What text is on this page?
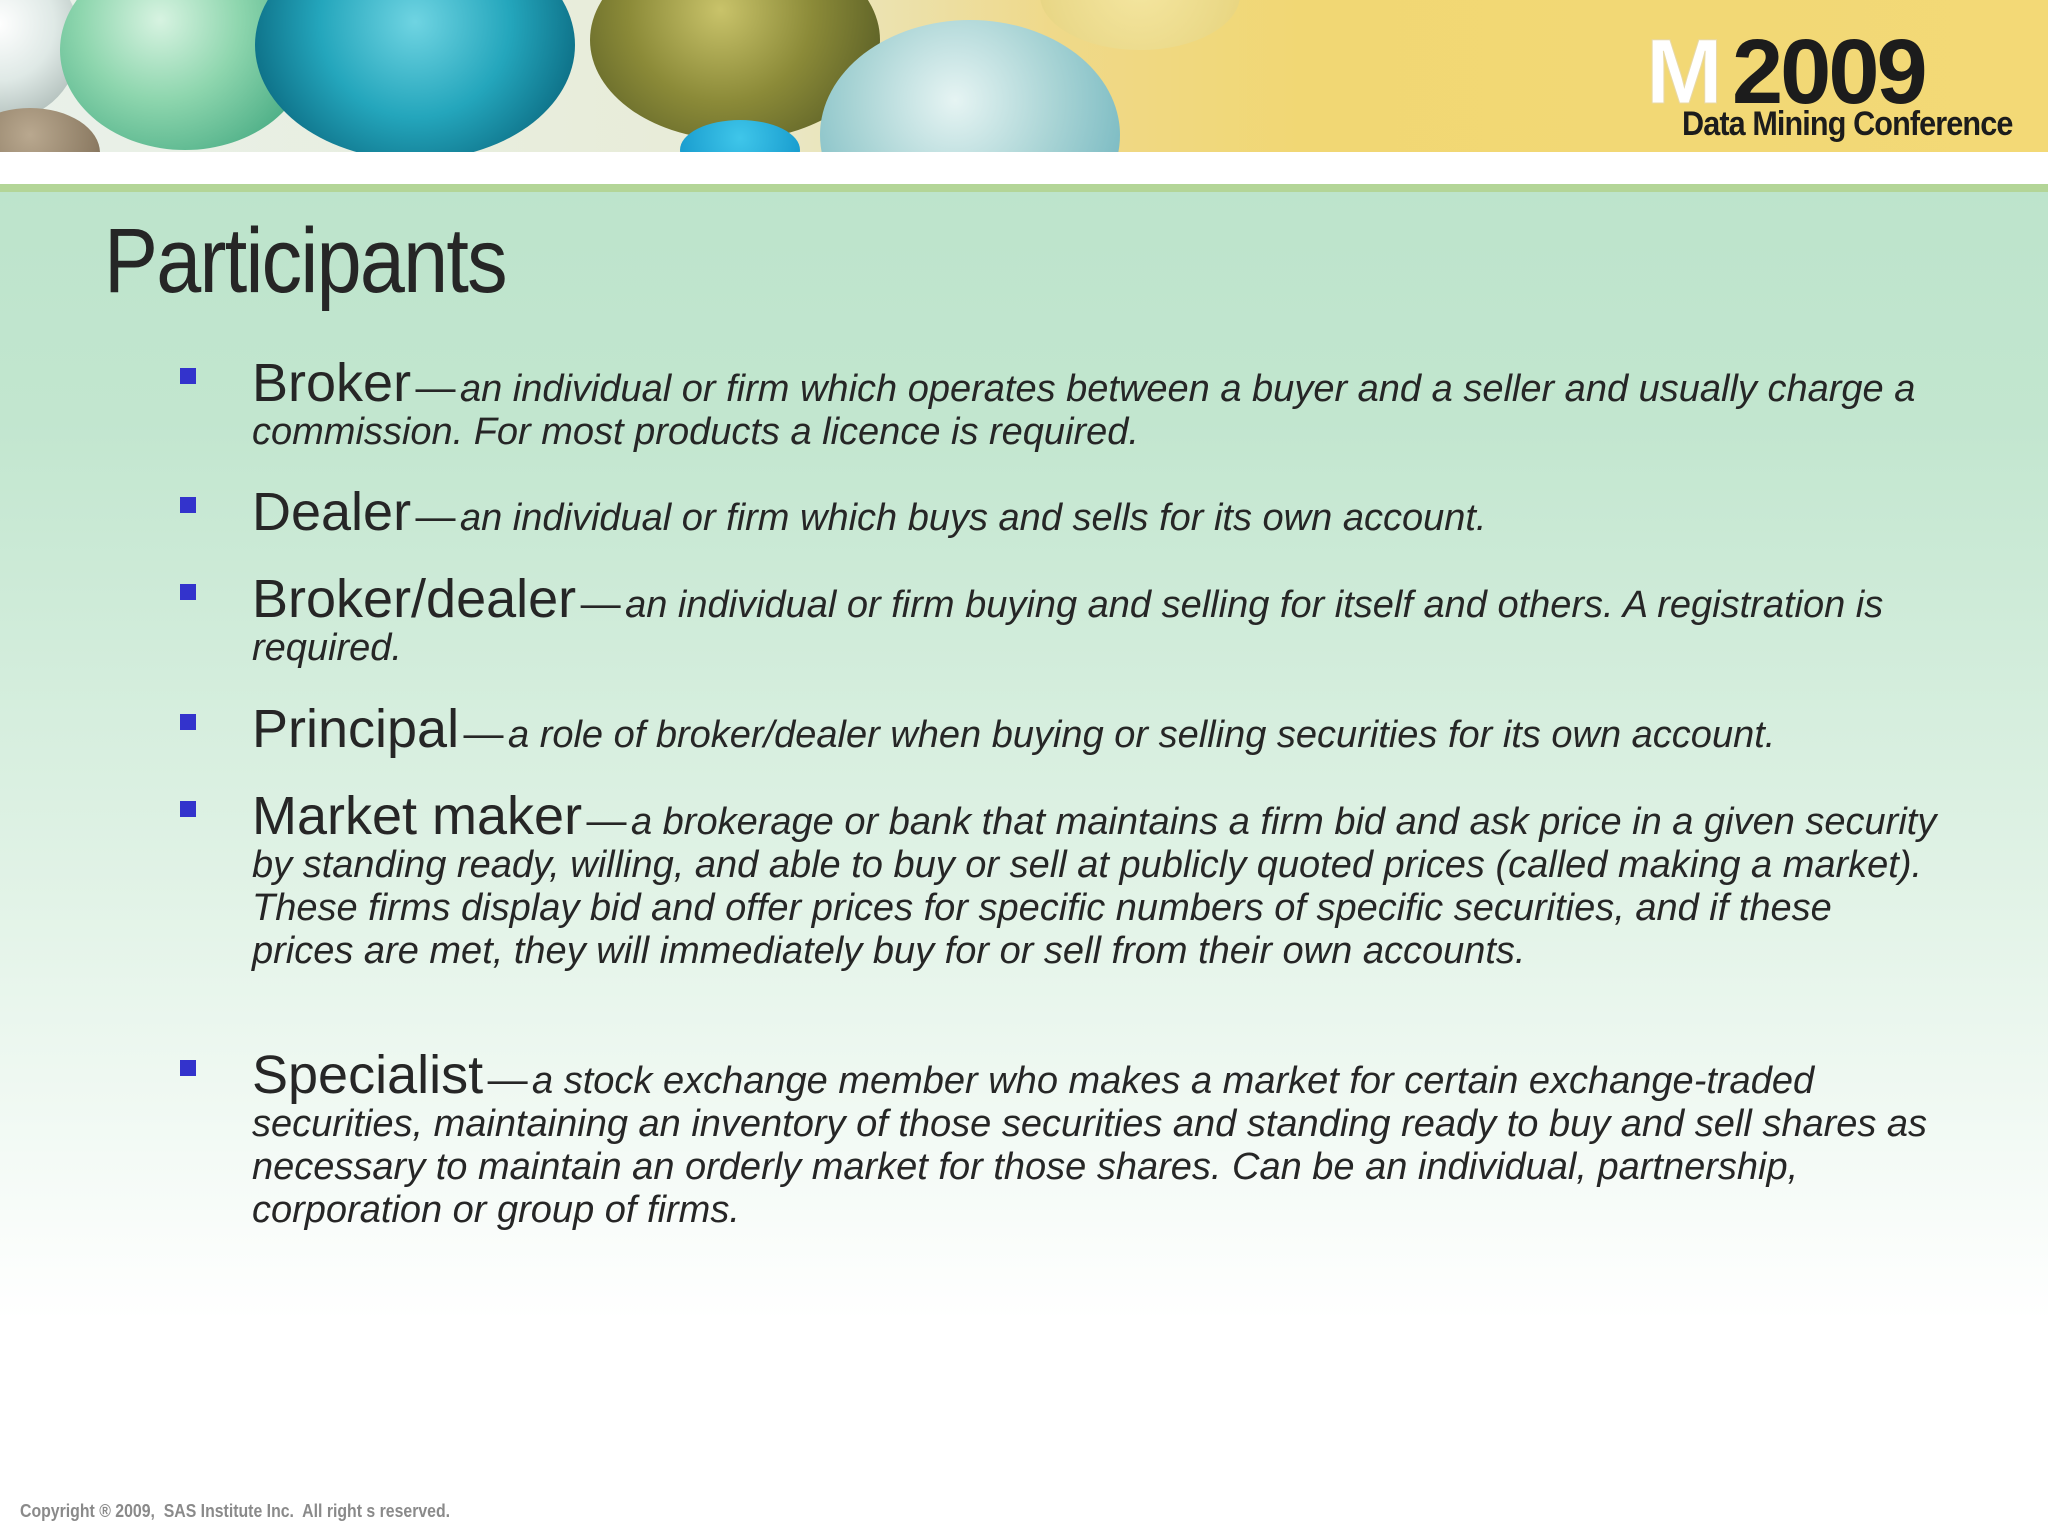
M 2009
Data Mining Conference
Participants
Broker — an individual or firm which operates between a buyer and a seller and usually charge a commission. For most products a licence is required.
Dealer — an individual or firm which buys and sells for its own account.
Broker/dealer — an individual or firm buying and selling for itself and others. A registration is required.
Principal — a role of broker/dealer when buying or selling securities for its own account.
Market maker — a brokerage or bank that maintains a firm bid and ask price in a given security by standing ready, willing, and able to buy or sell at publicly quoted prices (called making a market). These firms display bid and offer prices for specific numbers of specific securities, and if these prices are met, they will immediately buy for or sell from their own accounts.
Specialist — a stock exchange member who makes a market for certain exchange-traded securities, maintaining an inventory of those securities and standing ready to buy and sell shares as necessary to maintain an orderly market for those shares. Can be an individual, partnership, corporation or group of firms.
Copyright ® 2009,  SAS Institute Inc.  All right s reserved.
